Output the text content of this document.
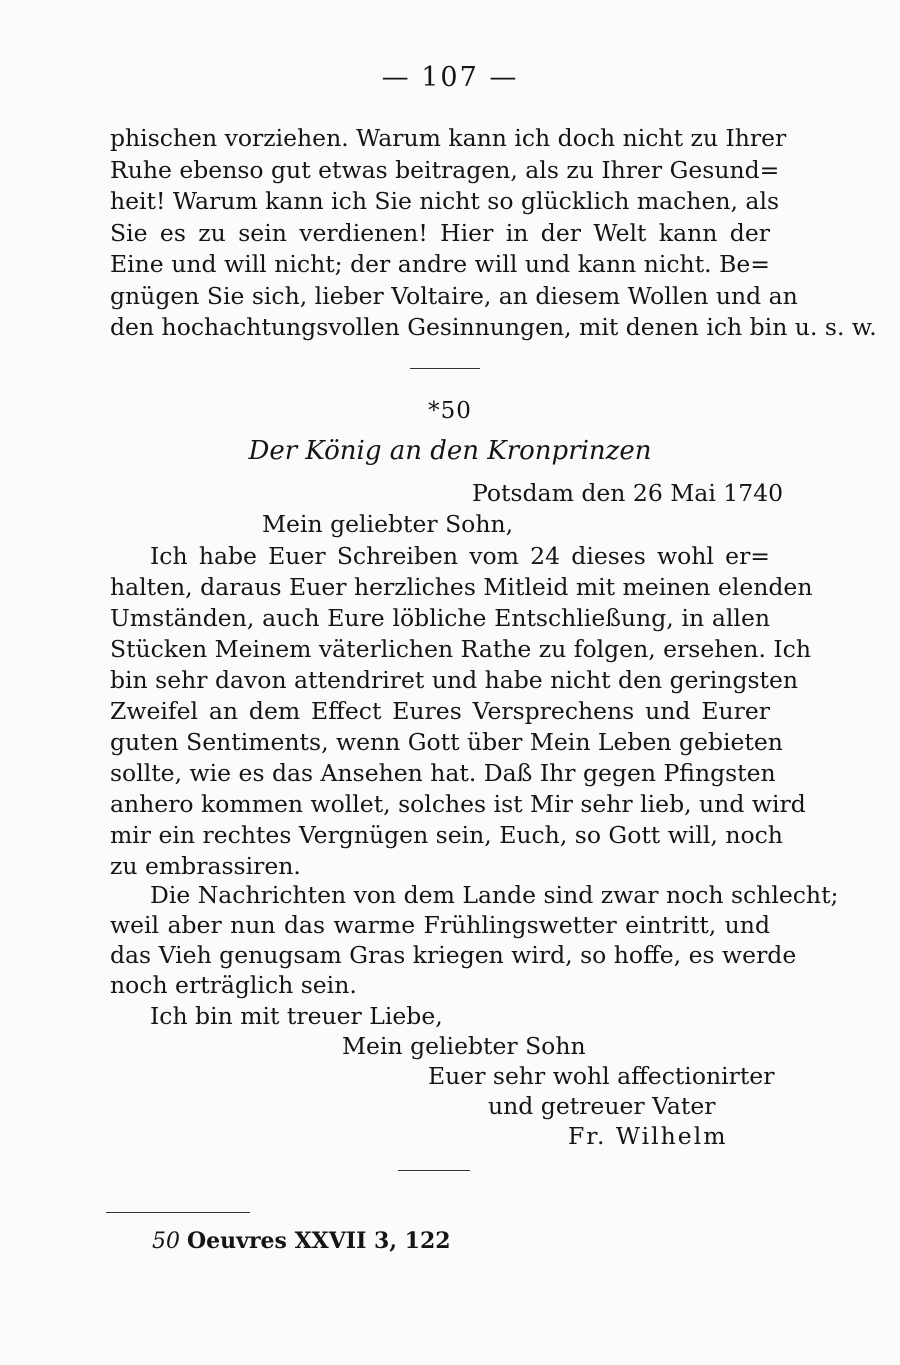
— 107 —
phischen vorziehen. Warum kann ich doch nicht zu Ihrer
Ruhe ebenso gut etwas beitragen, als zu Ihrer Gesund=
heit! Warum kann ich Sie nicht so glücklich machen, als
Sie es zu sein verdienen! Hier in der Welt kann der
Eine und will nicht; der andre will und kann nicht. Be=
gnügen Sie sich, lieber Voltaire, an diesem Wollen und an
den hochachtungsvollen Gesinnungen, mit denen ich bin u. s. w.
*50
Der König an den Kronprinzen
Potsdam den 26 Mai 1740
Mein geliebter Sohn,
Ich habe Euer Schreiben vom 24 dieses wohl er=
halten, daraus Euer herzliches Mitleid mit meinen elenden
Umständen, auch Eure löbliche Entschließung, in allen
Stücken Meinem väterlichen Rathe zu folgen, ersehen. Ich
bin sehr davon attendriret und habe nicht den geringsten
Zweifel an dem Effect Eures Versprechens und Eurer
guten Sentiments, wenn Gott über Mein Leben gebieten
sollte, wie es das Ansehen hat. Daß Ihr gegen Pfingsten
anhero kommen wollet, solches ist Mir sehr lieb, und wird
mir ein rechtes Vergnügen sein, Euch, so Gott will, noch
zu embrassiren.
Die Nachrichten von dem Lande sind zwar noch schlecht;
weil aber nun das warme Frühlingswetter eintritt, und
das Vieh genugsam Gras kriegen wird, so hoffe, es werde
noch erträglich sein.
Ich bin mit treuer Liebe,
Mein geliebter Sohn
Euer sehr wohl affectionirter
und getreuer Vater
Fr. Wilhelm
50 Oeuvres XXVII 3, 122
